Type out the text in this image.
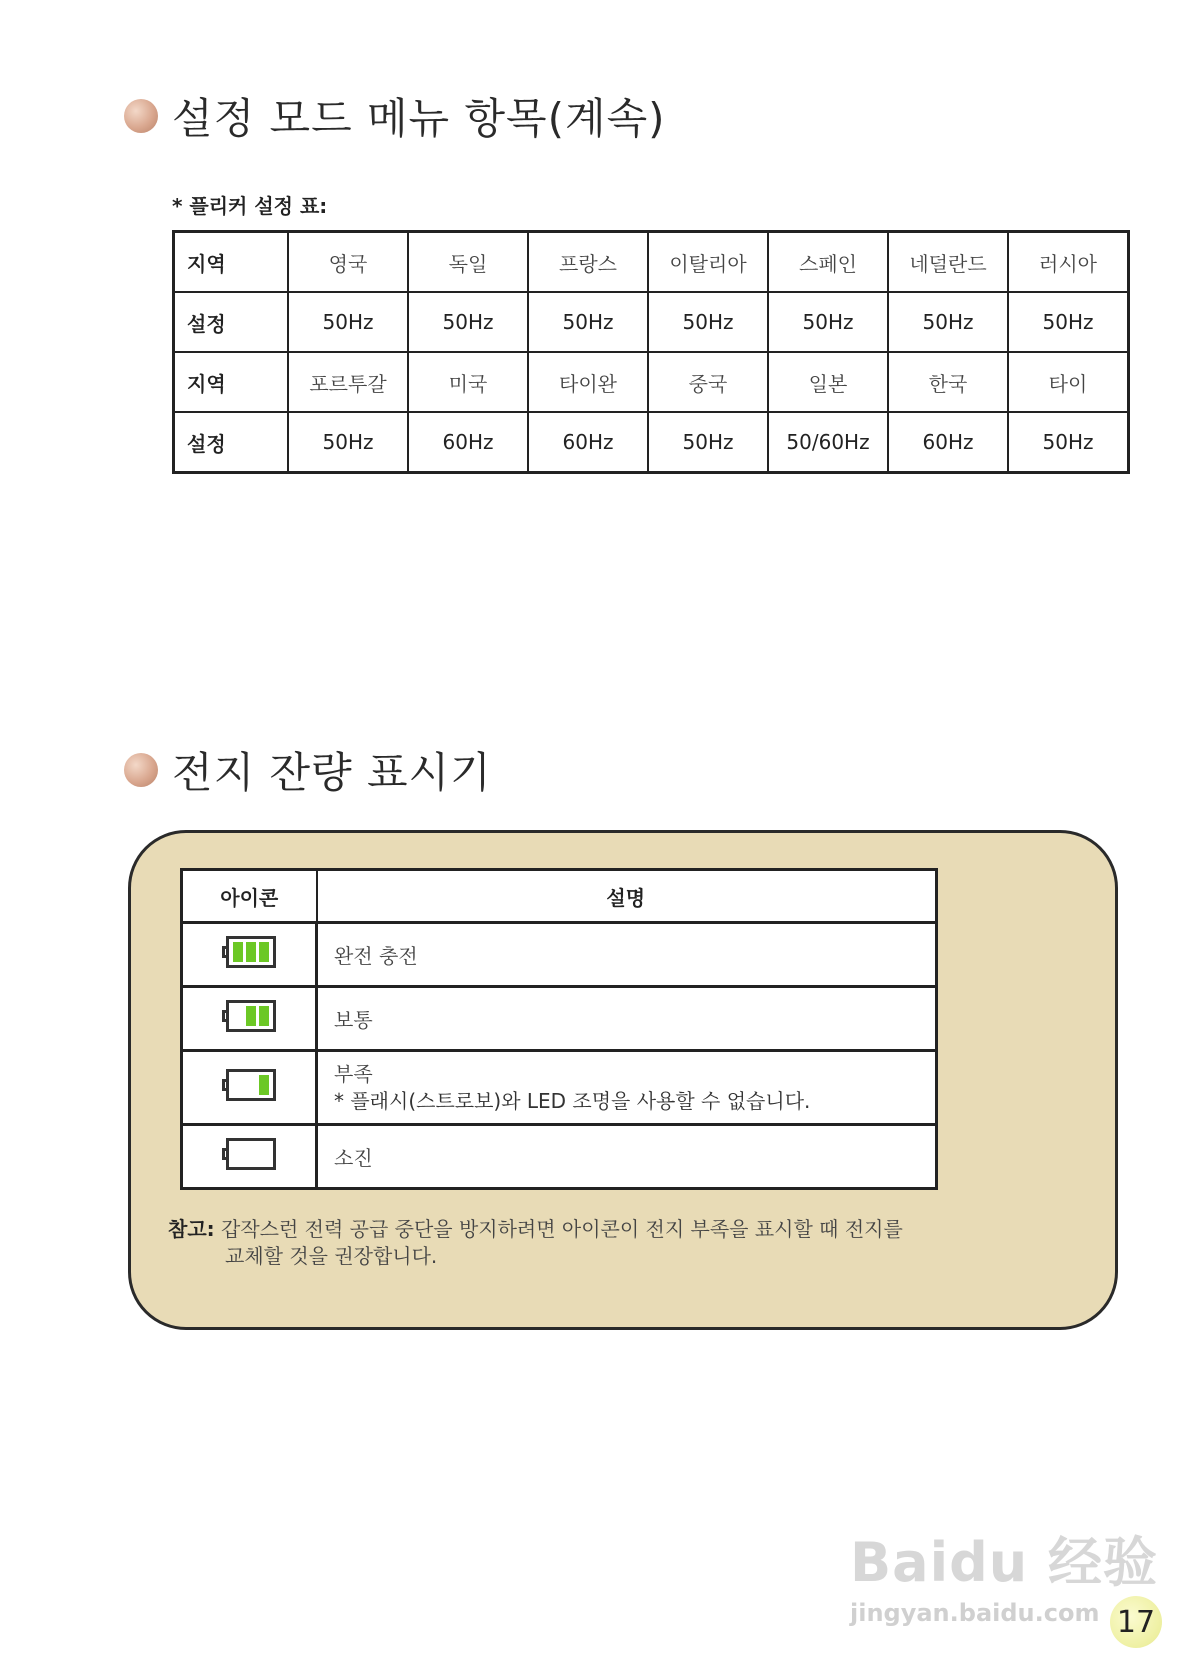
설정 모드 메뉴 항목(계속)
* 플리커 설정 표:
지역	영국	독일	프랑스	이탈리아	스페인	네덜란드	러시아
설정	50Hz	50Hz	50Hz	50Hz	50Hz	50Hz	50Hz
지역	포르투갈	미국	타이완	중국	일본	한국	타이
설정	50Hz	60Hz	60Hz	50Hz	50/60Hz	60Hz	50Hz
전지 잔량 표시기
아이콘	설명

	완전 충전

	보통

	부족
* 플래시(스트로보)와 LED 조명을 사용할 수 없습니다.

	소진
참고: 갑작스런 전력 공급 중단을 방지하려면 아이콘이 전지 부족을 표시할 때 전지를
교체할 것을 권장합니다.
Baidu 经验
jingyan.baidu.com 17
